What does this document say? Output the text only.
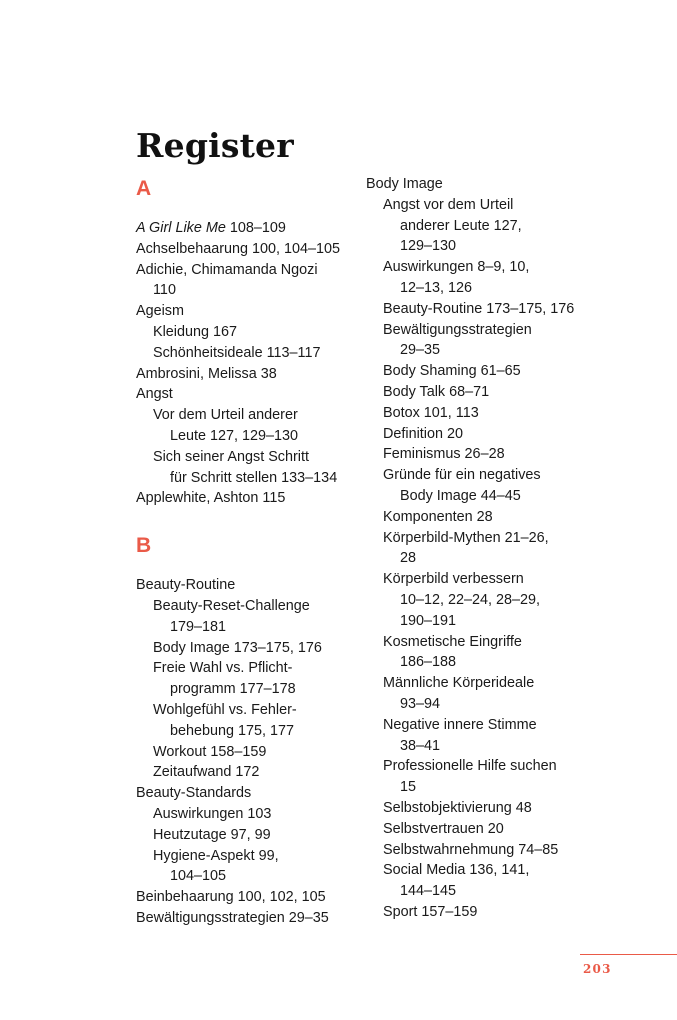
Register
A
A Girl Like Me 108–109
Achselbehaarung 100, 104–105
Adichie, Chimamanda Ngozi
110
Ageism
Kleidung 167
Schönheitsideale 113–117
Ambrosini, Melissa 38
Angst
Vor dem Urteil anderer
Leute 127, 129–130
Sich seiner Angst Schritt
für Schritt stellen 133–134
Applewhite, Ashton 115
B
Beauty-Routine
Beauty-Reset-Challenge
179–181
Body Image 173–175, 176
Freie Wahl vs. Pflicht-
programm 177–178
Wohlgefühl vs. Fehler-
behebung 175, 177
Workout 158–159
Zeitaufwand 172
Beauty-Standards
Auswirkungen 103
Heutzutage 97, 99
Hygiene-Aspekt 99,
104–105
Beinbehaarung 100, 102, 105
Bewältigungsstrategien 29–35
Body Image
Angst vor dem Urteil
anderer Leute 127,
129–130
Auswirkungen 8–9, 10,
12–13, 126
Beauty-Routine 173–175, 176
Bewältigungsstrategien
29–35
Body Shaming 61–65
Body Talk 68–71
Botox 101, 113
Definition 20
Feminismus 26–28
Gründe für ein negatives
Body Image 44–45
Komponenten 28
Körperbild-Mythen 21–26,
28
Körperbild verbessern
10–12, 22–24, 28–29,
190–191
Kosmetische Eingriffe
186–188
Männliche Körperideale
93–94
Negative innere Stimme
38–41
Professionelle Hilfe suchen
15
Selbstobjektivierung 48
Selbstvertrauen 20
Selbstwahrnehmung 74–85
Social Media 136, 141,
144–145
Sport 157–159
203
